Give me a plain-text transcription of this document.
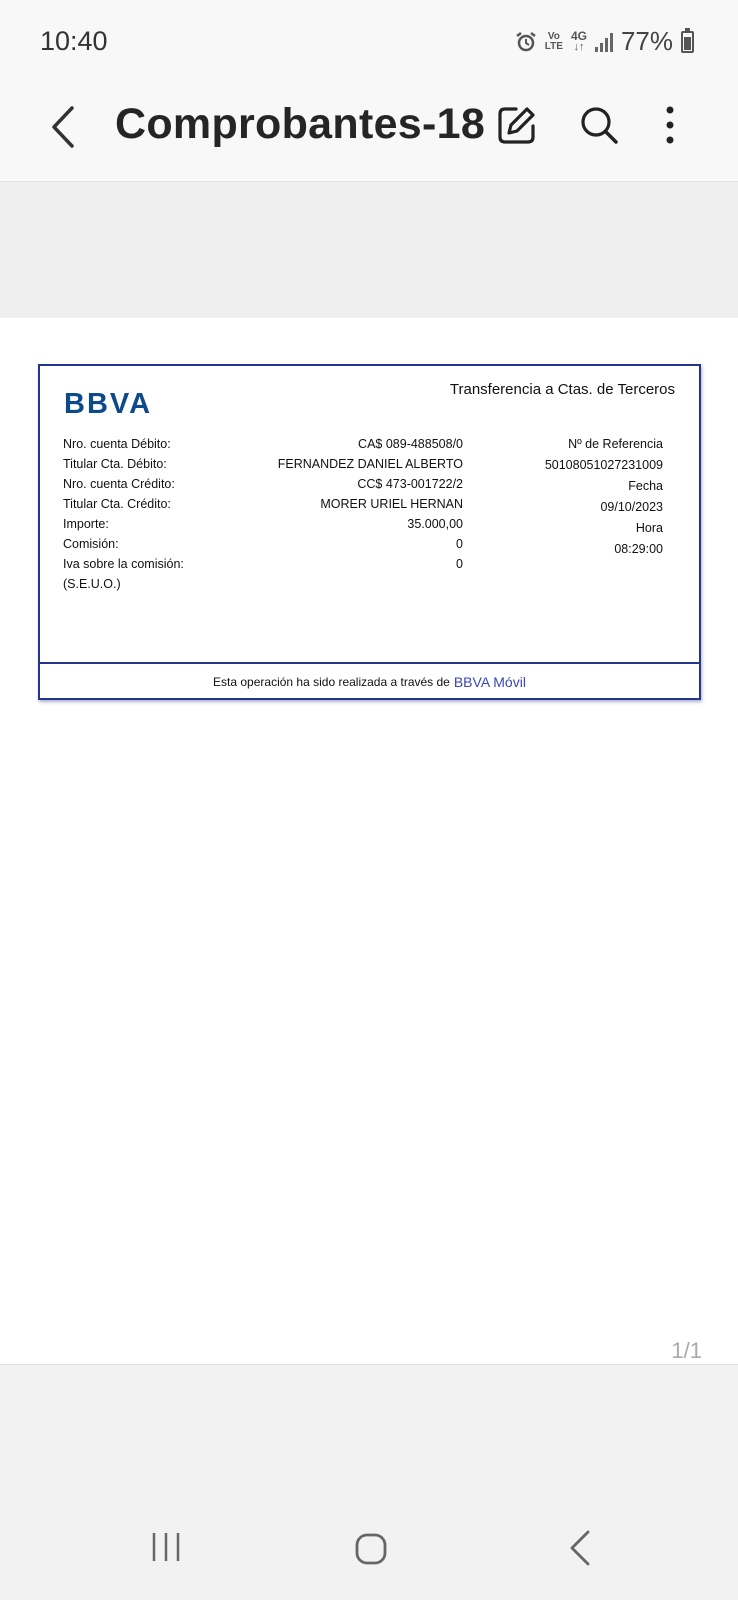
10:40	Vo
LTE
4G
↓↑ 77%
Comprobantes-18
BBVA	Transferencia a Ctas. de Terceros
Nro. cuenta Débito:
Titular Cta. Débito:
Nro. cuenta Crédito:
Titular Cta. Crédito:
Importe:
Comisión:
Iva sobre la comisión:
(S.E.U.O.)
CA$ 089-488508/0
FERNANDEZ DANIEL ALBERTO
CC$ 473-001722/2
MORER URIEL HERNAN
35.000,00
0
0
Nº de Referencia
50108051027231009
Fecha
09/10/2023
Hora
08:29:00
Esta operación ha sido realizada a través de BBVA Móvil
1/1
